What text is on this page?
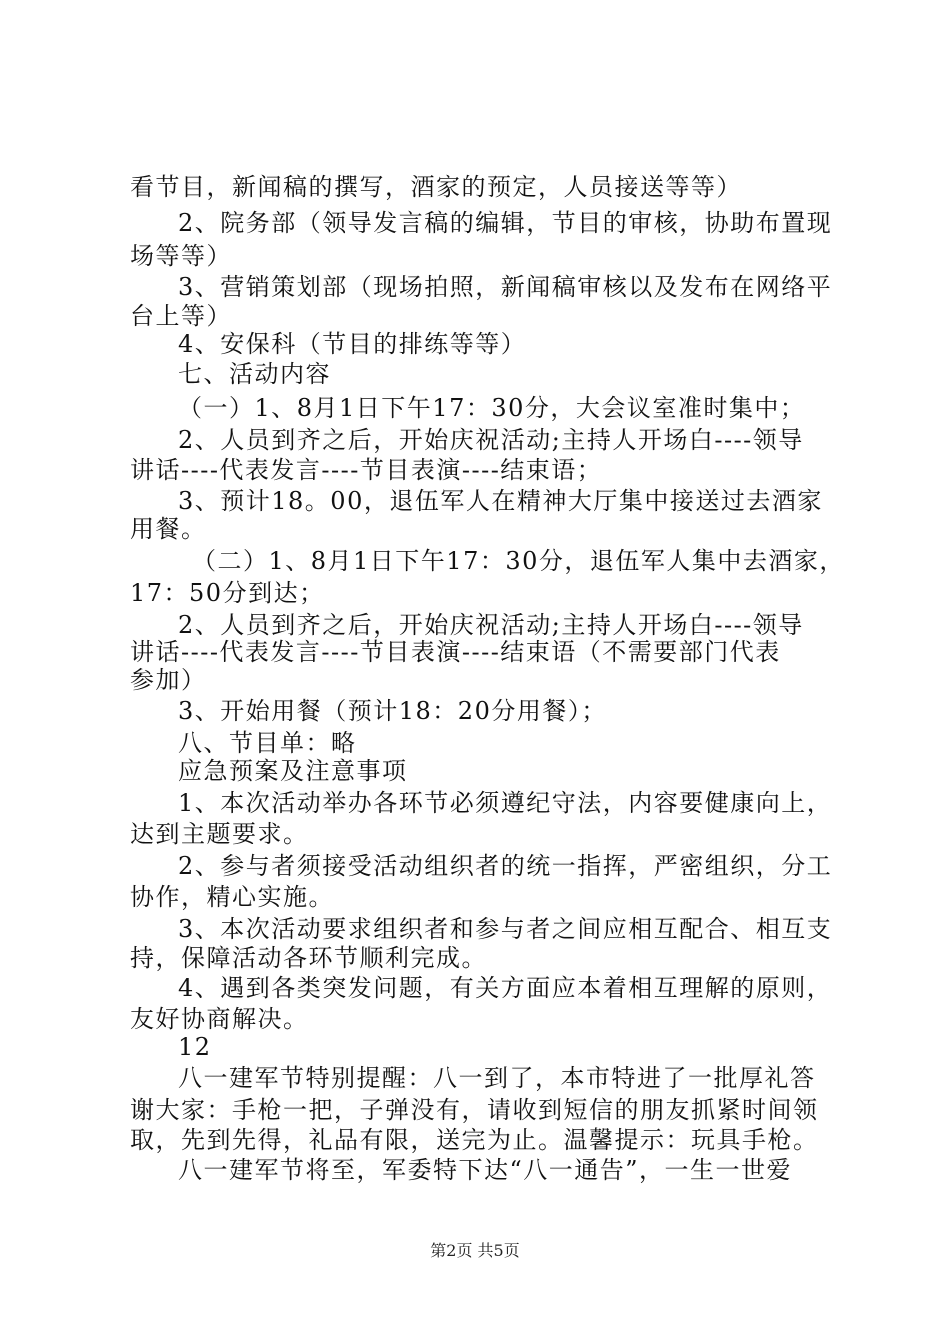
看节目，新闻稿的撰写，酒家的预定，人员接送等等）
2、院务部（领导发言稿的编辑，节目的审核，协助布置现
场等等）
3、营销策划部（现场拍照，新闻稿审核以及发布在网络平
台上等）
4、安保科（节目的排练等等）
七、活动内容
（一）1、8月1日下午17：30分，大会议室准时集中；
2、人员到齐之后，开始庆祝活动;主持人开场白----领导
讲话----代表发言----节目表演----结束语；
3、预计18。00，退伍军人在精神大厅集中接送过去酒家
用餐。
（二）1、8月1日下午17：30分，退伍军人集中去酒家，
17：50分到达；
2、人员到齐之后，开始庆祝活动;主持人开场白----领导
讲话----代表发言----节目表演----结束语（不需要部门代表
参加）
3、开始用餐（预计18：20分用餐）；
八、节目单：略
应急预案及注意事项
1、本次活动举办各环节必须遵纪守法，内容要健康向上，
达到主题要求。
2、参与者须接受活动组织者的统一指挥，严密组织，分工
协作，精心实施。
3、本次活动要求组织者和参与者之间应相互配合、相互支
持，保障活动各环节顺利完成。
4、遇到各类突发问题，有关方面应本着相互理解的原则，
友好协商解决。
12
八一建军节特别提醒：八一到了，本市特进了一批厚礼答
谢大家：手枪一把，子弹没有，请收到短信的朋友抓紧时间领
取，先到先得，礼品有限，送完为止。温馨提示：玩具手枪。
八一建军节将至，军委特下达“八一通告”，一生一世爱
第2页 共5页
